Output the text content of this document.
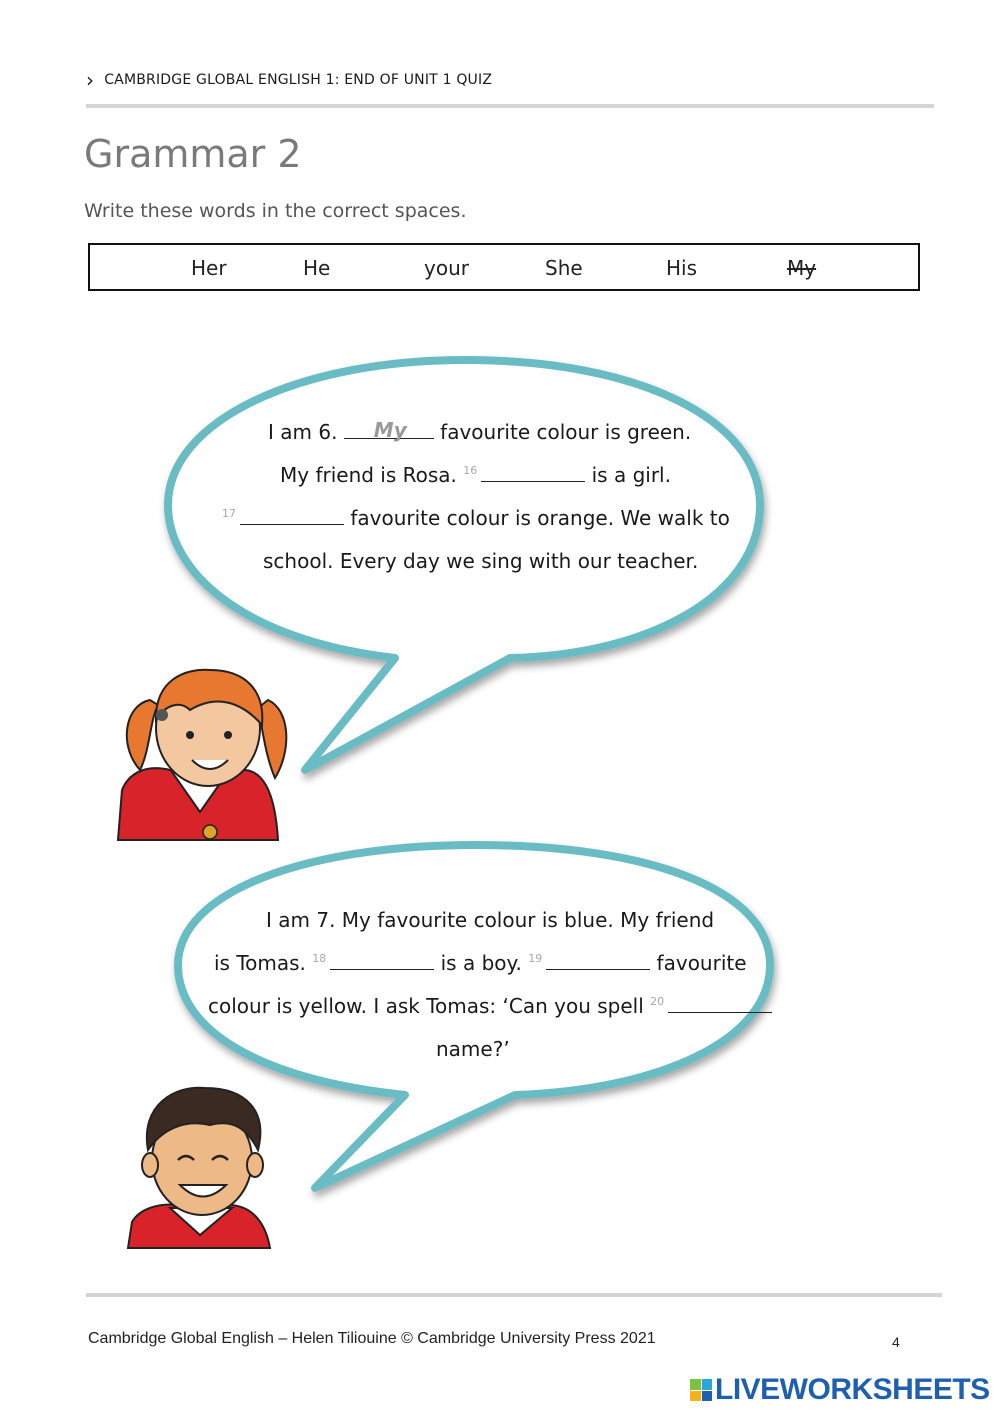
› CAMBRIDGE GLOBAL ENGLISH 1: END OF UNIT 1 QUIZ
Grammar 2
Write these words in the correct spaces.
Her	He	your	She	His	My
I am 6. My favourite colour is green.
My friend is Rosa. $^{16}$	is a girl.
$^{17}$	favourite colour is orange. We walk to
school. Every day we sing with our teacher.
I am 7. My favourite colour is blue. My friend
is Tomas. $^{18}$	is a boy. $^{19}$	favourite
colour is yellow. I ask Tomas: ‘Can you spell $^{20}$
name?’
Cambridge Global English – Helen Tiliouine © Cambridge University Press 2021	4
LIVEWORKSHEETS
